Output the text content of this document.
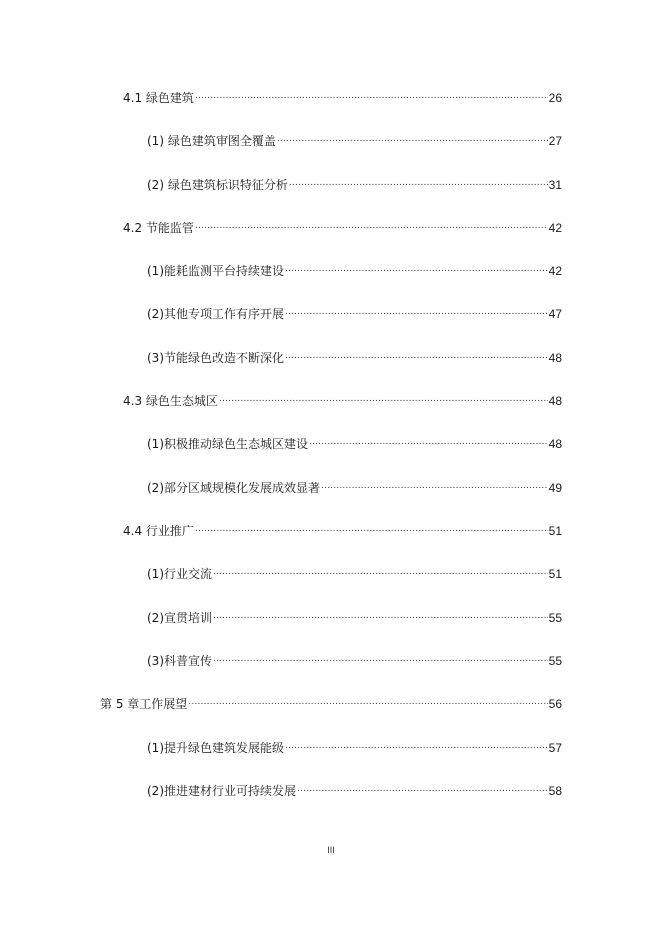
4.1 绿色建筑 .....	26
(1) 绿色建筑审图全覆盖 .....	27
(2) 绿色建筑标识特征分析 .....	31
4.2 节能监管 .....	42
(1)能耗监测平台持续建设 .....	42
(2)其他专项工作有序开展 .....	47
(3)节能绿色改造不断深化 .....	48
4.3 绿色生态城区 .....	48
(1)积极推动绿色生态城区建设 .....	48
(2)部分区域规模化发展成效显著 .....	49
4.4 行业推广 .....	51
(1)行业交流 .....	51
(2)宣贯培训 .....	55
(3)科普宣传 .....	55
第 5 章工作展望 .....	56
(1)提升绿色建筑发展能级 .....	57
(2)推进建材行业可持续发展 .....	58
III
